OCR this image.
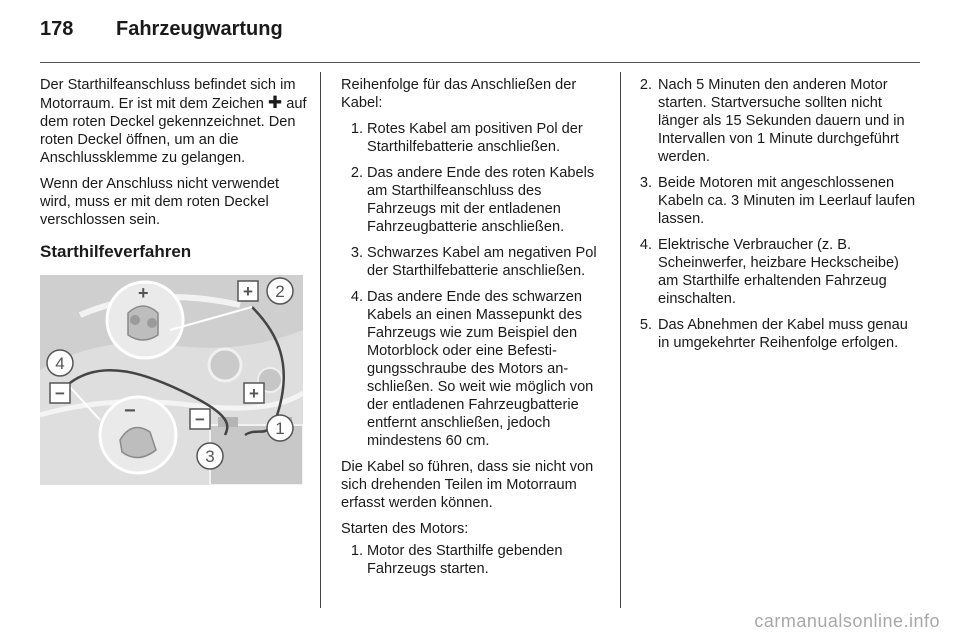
178 Fahrzeugwartung

Der Starthilfeanschluss befindet sich im Motorraum. Er ist mit dem Zeichen ✚ auf dem roten Deckel gekennzeichnet. Den roten Deckel öffnen, um an die Anschlussklemme zu gelangen.

Wenn der Anschluss nicht verwendet wird, muss er mit dem roten Deckel verschlossen sein.

Starthilfeverfahren
+
−
+
+
−
−
2
1
3
4

Reihenfolge für das Anschließen der Kabel:

1. Rotes Kabel am positiven Pol der Starthilfebatterie anschließen.
2. Das andere Ende des roten Kabels am Starthilfeanschluss des Fahrzeugs mit der entladenen Fahrzeugbatterie anschließen.
3. Schwarzes Kabel am negativen Pol der Starthilfebatterie anschließen.
4. Das andere Ende des schwarzen Kabels an einen Massepunkt des Fahrzeugs wie zum Beispiel den Motorblock oder eine Befestigungsschraube des Motors anschließen. So weit wie möglich von der entladenen Fahrzeugbatterie entfernt anschließen, jedoch mindestens 60 cm.

Die Kabel so führen, dass sie nicht von sich drehenden Teilen im Motorraum erfasst werden können.

Starten des Motors:

1. Motor des Starthilfe gebenden Fahrzeugs starten.
2. Nach 5 Minuten den anderen Motor starten. Startversuche sollten nicht länger als 15 Sekunden dauern und in Intervallen von 1 Minute durchgeführt werden.
3. Beide Motoren mit angeschlossenen Kabeln ca. 3 Minuten im Leerlauf laufen lassen.
4. Elektrische Verbraucher (z. B. Scheinwerfer, heizbare Heckscheibe) am Starthilfe erhaltenden Fahrzeug einschalten.
5. Das Abnehmen der Kabel muss genau in umgekehrter Reihenfolge erfolgen.
carmanualsonline.info
